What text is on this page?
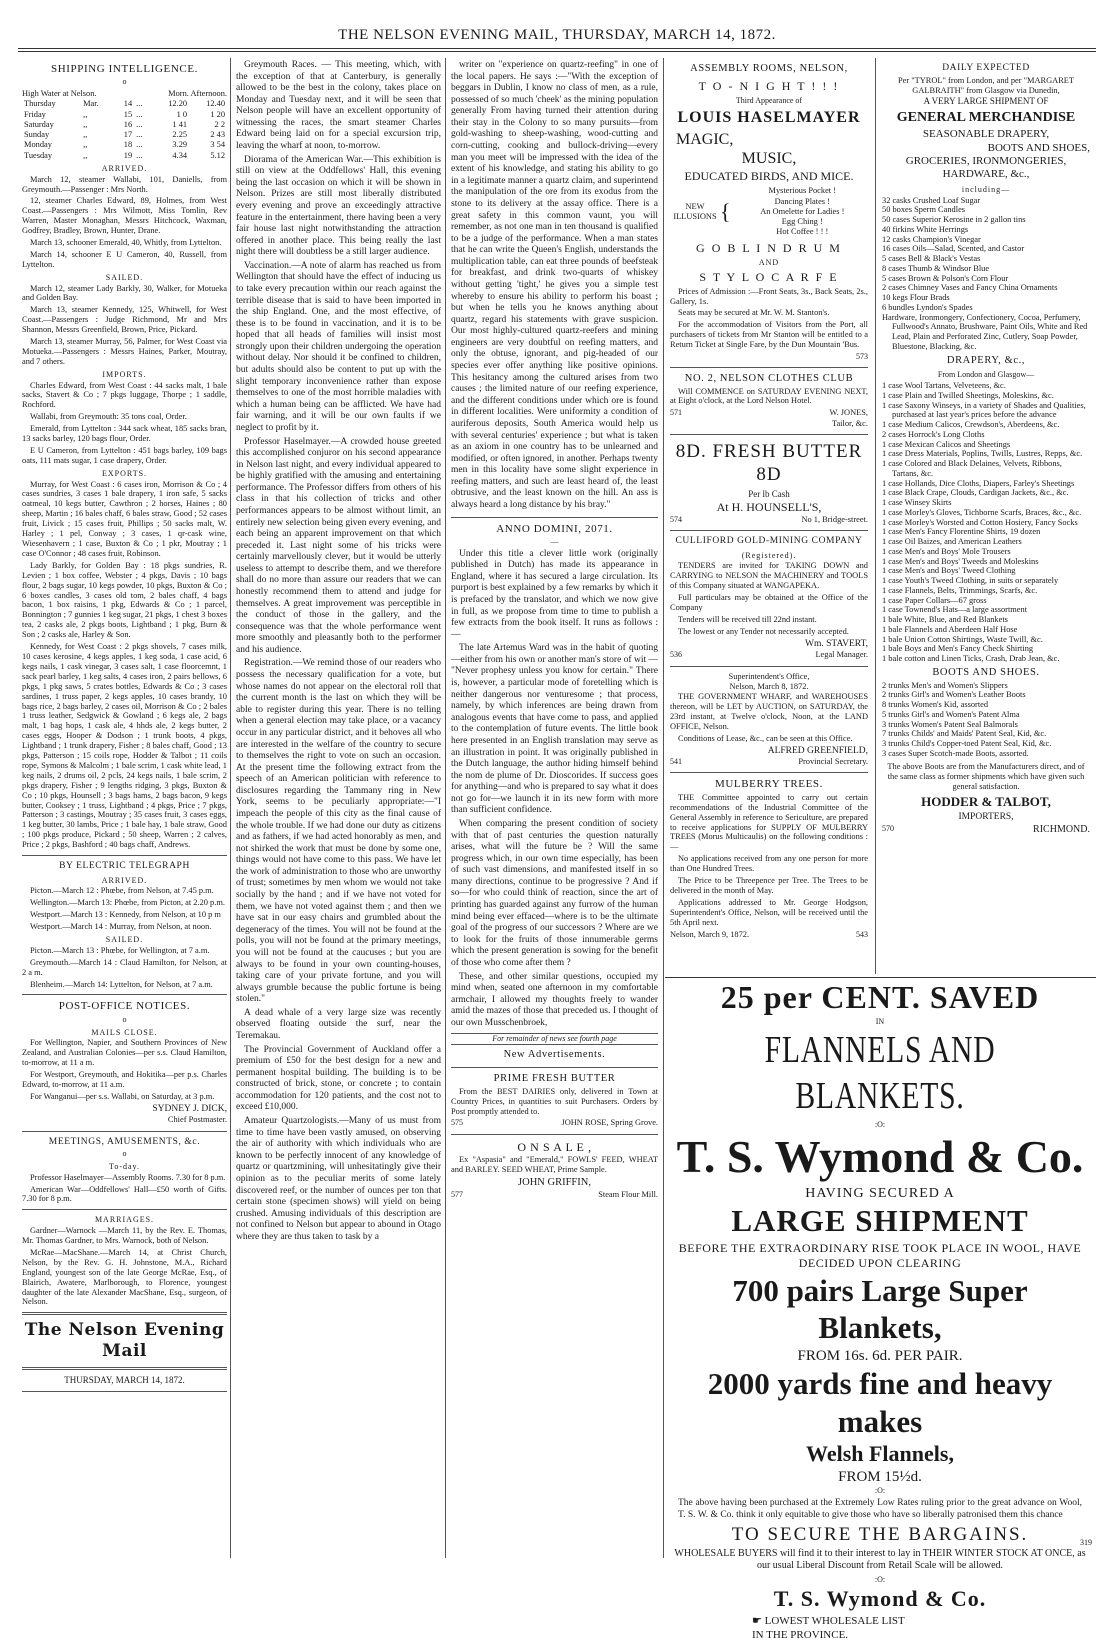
THE NELSON EVENING MAIL, THURSDAY, MARCH 14, 1872.
SHIPPING INTELLIGENCE.
o
High Water at Nelson.	Morn. Afternoon.
Thursday	Mar.	14	...	12.20	12.40
Friday	,,	15	...	1 0	1 20
Saturday	,,	16	...	1 41	2 2
Sunday	,,	17	...	2.25	2 43
Monday	,,	18	...	3.29	3 54
Tuesday	,,	19	...	4.34	5.12
ARRIVED.
March 12, steamer Wallabi, 101, Daniells, from Greymouth.—Passenger : Mrs North.
12, steamer Charles Edward, 89, Holmes, from West Coast.—Passengers : Mrs Wilmott, Miss Tomlin, Rev Warren, Master Monaghan, Messrs Hitchcock, Waxman, Godfrey, Bradley, Brown, Hunter, Drane.
March 13, schooner Emerald, 40, Whitly, from Lyttelton.
March 14, schooner E U Cameron, 40, Russell, from Lyttelton.
SAILED.
March 12, steamer Lady Barkly, 30, Walker, for Motueka and Golden Bay.
March 13, steamer Kennedy, 125, Whitwell, for West Coast.—Passengers : Judge Richmond, Mr and Mrs Shannon, Messrs Greenfield, Brown, Price, Pickard.
March 13, steamer Murray, 56, Palmer, for West Coast via Motueka.—Passengers : Messrs Haines, Parker, Moutray, and 7 others.
IMPORTS.
Charles Edward, from West Coast : 44 sacks malt, 1 bale sacks, Stavert & Co ; 7 pkgs luggage, Thorpe ; 1 saddle, Rochford.
Wallabi, from Greymouth: 35 tons coal, Order.
Emerald, from Lyttelton : 344 sack wheat, 185 sacks bran, 13 sacks barley, 120 bags flour, Order.
E U Cameron, from Lyttelton : 451 bags barley, 109 bags oats, 111 mats sugar, 1 case drapery, Order.
EXPORTS.
Murray, for West Coast : 6 cases iron, Morrison & Co ; 4 cases sundries, 3 cases 1 bale drapery, 1 iron safe, 5 sacks oatmeal, 10 kegs butter, Cawthron ; 2 horses, Haines ; 80 sheep, Martin ; 16 bales chaff, 6 bales straw, Good ; 52 cases fruit, Livick ; 15 cases fruit, Phillips ; 50 sacks malt, W. Harley ; 1 pel, Conway ; 3 cases, 1 qr-cask wine, Wiesenhavern ; 1 case, Buxton & Co ; 1 pkr, Moutray ; 1 case O'Connor ; 48 cases fruit, Robinson.
Lady Barkly, for Golden Bay : 18 pkgs sundries, R. Levien ; 1 box coffee, Webster ; 4 pkgs, Davis ; 10 bags flour, 2 bags sugar, 10 kegs powder, 10 pkgs, Buxton & Co ; 6 boxes candles, 3 cases old tom, 2 bales chaff, 4 bags bacon, 1 box raisins, 1 pkg, Edwards & Co ; 1 parcel, Bonnington ; 7 gunnies 1 keg sugar, 21 pkgs, 1 chest 3 boxes tea, 2 casks ale, 2 pkgs boots, Lightband ; 1 pkg, Burn & Son ; 2 casks ale, Harley & Son.
Kennedy, for West Coast : 2 pkgs shovels, 7 cases milk, 10 cases kerosine, 4 kegs apples, 1 keg soda, 1 case acid, 6 kegs nails, 1 cask vinegar, 3 cases salt, 1 case floorcemnt, 1 sack pearl barley, 1 keg salts, 4 cases iron, 2 pairs bellows, 6 pkgs, 1 pkg saws, 5 crates bottles, Edwards & Co ; 3 cases sardines, 1 truss paper, 2 kegs apples, 10 cases brandy, 10 bags rice, 2 bags barley, 2 cases oil, Morrison & Co ; 2 bales 1 truss leather, Sedgwick & Gowland ; 6 kegs ale, 2 bags malt, 1 bag hops, 1 cask ale, 4 hhds ale, 2 kegs butter, 2 cases eggs, Hooper & Dodson ; 1 trunk boots, 4 pkgs, Lightband ; 1 trunk drapery, Fisher ; 8 bales chaff, Good ; 13 pkgs, Patterson ; 15 coils rope, Hodder & Talbot ; 11 coils rope, Symons & Malcolm ; 1 bale scrim, 1 cask white lead, 1 keg nails, 2 drums oil, 2 pcls, 24 kegs nails, 1 bale scrim, 2 pkgs drapery, Fisher ; 9 lengths ridging, 3 pkgs, Buxton & Co ; 10 pkgs, Hounsell ; 3 bags hams, 2 bags bacon, 9 kegs butter, Cooksey ; 1 truss, Lightband ; 4 pkgs, Price ; 7 pkgs, Patterson ; 3 castings, Moutray ; 35 cases fruit, 3 cases eggs, 1 keg butter, 30 lambs, Price ; 1 bale hay, 1 bale straw, Good ; 100 pkgs produce, Pickard ; 50 sheep, Warren ; 2 calves, Price ; 2 pkgs, Bashford ; 40 bags chaff, Andrews.
BY ELECTRIC TELEGRAPH
ARRIVED.
Picton.—March 12 : Phœbe, from Nelson, at 7.45 p.m.
Wellington.—March 13: Phœbe, from Picton, at 2.20 p.m.
Westport.—March 13 : Kennedy, from Nelson, at 10 p m
Westport.—March 14 : Murray, from Nelson, at noon.
SAILED.
Picton.—March 13 : Phœbe, for Wellington, at 7 a.m.
Greymouth.—March 14 : Claud Hamilton, for Nelson, at 2 a m.
Blenheim.—March 14: Lyttelton, for Nelson, at 7 a.m.
POST-OFFICE NOTICES.
o
MAILS CLOSE.
For Wellington, Napier, and Southern Provinces of New Zealand, and Australian Colonies—per s.s. Claud Hamilton, to-morrow, at 11 a m.
For Westport, Greymouth, and Hokitika—per p.s. Charles Edward, to-morrow, at 11 a.m.
For Wanganui—per s.s. Wallabi, on Saturday, at 3 p.m.
SYDNEY J. DICK,
Chief Postmaster.
MEETINGS, AMUSEMENTS, &c.
o
To-day.
Professor Haselmayer—Assembly Rooms. 7.30 for 8 p.m.
American War—Oddfellows' Hall—£50 worth of Gifts. 7.30 for 8 p.m.
MARRIAGES.
Gardner—Warnock —March 11, by the Rev. E. Thomas, Mr. Thomas Gardner, to Mrs. Warnock, both of Nelson.
McRae—MacShane.—March 14, at Christ Church, Nelson, by the Rev. G. H. Johnstone, M.A., Richard England, youngest son of the late George McRae, Esq., of Blairich, Awatere, Marlborough, to Florence, youngest daughter of the late Alexander MacShane, Esq., surgeon, of Nelson.
The Nelson Evening Mail
THURSDAY, MARCH 14, 1872.
Greymouth Races. — This meeting, which, with the exception of that at Canterbury, is generally allowed to be the best in the colony, takes place on Monday and Tuesday next, and it will be seen that Nelson people will have an excellent opportunity of witnessing the races, the smart steamer Charles Edward being laid on for a special excursion trip, leaving the wharf at noon, to-morrow.
Diorama of the American War.—This exhibition is still on view at the Oddfellows' Hall, this evening being the last occasion on which it will be shown in Nelson. Prizes are still most liberally distributed every evening and prove an exceedingly attractive feature in the entertainment, there having been a very fair house last night notwithstanding the attraction offered in another place. This being really the last night there will doubtless be a still larger audience.
Vaccination.—A note of alarm has reached us from Wellington that should have the effect of inducing us to take every precaution within our reach against the terrible disease that is said to have been imported in the ship England. One, and the most effective, of these is to be found in vaccination, and it is to be hoped that all heads of families will insist most strongly upon their children undergoing the operation without delay. Nor should it be confined to children, but adults should also be content to put up with the slight temporary inconvenience rather than expose themselves to one of the most horrible maladies with which a human being can be afflicted. We have had fair warning, and it will be our own faults if we neglect to profit by it.
Professor Haselmayer.—A crowded house greeted this accomplished conjuror on his second appearance in Nelson last night, and every individual appeared to be highly gratified with the amusing and entertaining performance. The Professor differs from others of his class in that his collection of tricks and other performances appears to be almost without limit, an entirely new selection being given every evening, and each being an apparent improvement on that which preceded it. Last night some of his tricks were certainly marvellously clever, but it would be utterly useless to attempt to describe them, and we therefore shall do no more than assure our readers that we can honestly recommend them to attend and judge for themselves. A great improvement was perceptible in the conduct of those in the gallery, and the consequence was that the whole performance went more smoothly and pleasantly both to the performer and his audience.
Registration.—We remind those of our readers who possess the necessary qualification for a vote, but whose names do not appear on the electoral roll that the current month is the last on which they will be able to register during this year. There is no telling when a general election may take place, or a vacancy occur in any particular district, and it behoves all who are interested in the welfare of the country to secure to themselves the right to vote on such an occasion. At the present time the following extract from the speech of an American politician with reference to disclosures regarding the Tammany ring in New York, seems to be peculiarly appropriate:—"I impeach the people of this city as the final cause of the whole trouble. If we had done our duty as citizens and as fathers, if we had acted honorably as men, and not shirked the work that must be done by some one, things would not have come to this pass. We have let the work of administration to those who are unworthy of trust; sometimes by men whom we would not take socially by the hand ; and if we have not voted for them, we have not voted against them ; and then we have sat in our easy chairs and grumbled about the degeneracy of the times. You will not be found at the polls, you will not be found at the primary meetings, you will not be found at the caucuses ; but you are always to be found in your own counting-houses, taking care of your private fortune, and you will always grumble because the public fortune is being stolen."
A dead whale of a very large size was recently observed floating outside the surf, near the Teremakau.
The Provincial Government of Auckland offer a premium of £50 for the best design for a new and permanent hospital building. The building is to be constructed of brick, stone, or concrete ; to contain accommodation for 120 patients, and the cost not to exceed £10,000.
Amateur Quartzologists.—Many of us must from time to time have been vastly amused, on observing the air of authority with which individuals who are known to be perfectly innocent of any knowledge of quartz or quartzmining, will unhesitatingly give their opinion as to the peculiar merits of some lately discovered reef, or the number of ounces per ton that certain stone (specimen shows) will yield on being crushed. Amusing individuals of this description are not confined to Nelson but appear to abound in Otago where they are thus taken to task by a
writer on "experience on quartz-reefing" in one of the local papers. He says :—"With the exception of beggars in Dublin, I know no class of men, as a rule, possessed of so much 'cheek' as the mining population generally From having turned their attention during their stay in the Colony to so many pursuits—from gold-washing to sheep-washing, wood-cutting and corn-cutting, cooking and bullock-driving—every man you meet will be impressed with the idea of the extent of his knowledge, and stating his ability to go in a legitimate manner a quartz claim, and superintend the manipulation of the ore from its exodus from the stone to its delivery at the assay office. There is a great safety in this common vaunt, you will remember, as not one man in ten thousand is qualified to be a judge of the performance. When a man states that he can write the Queen's English, understands the multiplication table, can eat three pounds of beefsteak for breakfast, and drink two-quarts of whiskey without getting 'tight,' he gives you a simple test whereby to ensure his ability to perform his boast ; but when he tells you he knows anything about quartz, regard his statements with grave suspicion. Our most highly-cultured quartz-reefers and mining engineers are very doubtful on reefing matters, and only the obtuse, ignorant, and pig-headed of our species ever offer anything like positive opinions. This hesitancy among the cultured arises from two causes ; the limited nature of our reefing experience, and the different conditions under which ore is found in different localities. Were uniformity a condition of auriferous deposits, South America would help us with several centuries' experience ; but what is taken as an axiom in one country has to be unlearned and modified, or often ignored, in another. Perhaps twenty men in this locality have some slight experience in reefing matters, and such are least heard of, the least obtrusive, and the least known on the hill. An ass is always heard a long distance by his bray."
ANNO DOMINI, 2071.
—
Under this title a clever little work (originally published in Dutch) has made its appearance in England, where it has secured a large circulation. Its purport is best explained by a few remarks by which it is prefaced by the translator, and which we now give in full, as we propose from time to time to publish a few extracts from the book itself. It runs as follows :—
The late Artemus Ward was in the habit of quoting—either from his own or another man's store of wit — "Never prophesy unless you know for certain." There is, however, a particular mode of foretelling which is neither dangerous nor venturesome ; that process, namely, by which inferences are being drawn from analogous events that have come to pass, and applied to the contemplation of future events. The little book here presented in an English translation may serve as an illustration in point. It was originally published in the Dutch language, the author hiding himself behind the nom de plume of Dr. Dioscorides. If success goes for anything—and who is prepared to say what it does not go for—we launch it in its new form with more than sufficient confidence.
When comparing the present condition of society with that of past centuries the question naturally arises, what will the future be ? Will the same progress which, in our own time especially, has been of such vast dimensions, and manifested itself in so many directions, continue to be progressive ? And if so—for who could think of reaction, since the art of printing has guarded against any furrow of the human mind being ever effaced—where is to be the ultimate goal of the progress of our successors ? Where are we to look for the fruits of those innumerable germs which the present generation is sowing for the benefit of those who come after them ?
These, and other similar questions, occupied my mind when, seated one afternoon in my comfortable armchair, I allowed my thoughts freely to wander amid the mazes of those that preceded us. I thought of our own Musschenbroek,
For remainder of news see fourth page
New Advertisements.
PRIME FRESH BUTTER
From the BEST DAIRIES only, delivered in Town at Country Prices, in quantities to suit Purchasers. Orders by Post promptly attended to.
575	JOHN ROSE, Spring Grove.
O N S A L E ,
Ex "Aspasia" and "Emerald," FOWLS' FEED, WHEAT and BARLEY. SEED WHEAT, Prime Sample.
JOHN GRIFFIN,
577	Steam Flour Mill.
ASSEMBLY ROOMS, NELSON,
T O - N I G H T ! ! !
Third Appearance of
LOUIS HASELMAYER
MAGIC,
MUSIC,
EDUCATED BIRDS, AND MICE.
NEW ILLUSIONS {
Mysterious Pocket !
Dancing Plates !
An Omelette for Ladies !
Egg Ching !
Hot Coffee ! ! !
G O B L I N D R U M
AND
S T Y L O C A R F E
Prices of Admission :—Front Seats, 3s., Back Seats, 2s., Gallery, 1s.
Seats may be secured at Mr. W. M. Stanton's.
For the accommodation of Visitors from the Port, all purchasers of tickets from Mr Stanton will be entitled to a Return Ticket at Single Fare, by the Dun Mountain 'Bus.
573
NO. 2, NELSON CLOTHES CLUB
Will COMMENCE on SATURDAY EVENING NEXT, at Eight o'clock, at the Lord Nelson Hotel.
571	W. JONES,
Tailor, &c.
8D. FRESH BUTTER 8D
Per lb Cash
At H. HOUNSELL'S,
574	No 1, Bridge-street.
CULLIFORD GOLD-MINING COMPANY
(Registered).
TENDERS are invited for TAKING DOWN and CARRYING to NELSON the MACHINERY and TOOLS of this Company situated at WANGAPEKA.
Full particulars may be obtained at the Office of the Company
Tenders will be received till 22nd instant.
The lowest or any Tender not necessarily accepted.
Wm. STAVERT,
536	Legal Manager.
Superintendent's Office,
Nelson, March 8, 1872.
THE GOVERNMENT WHARF, and WAREHOUSES thereon, will be LET by AUCTION, on SATURDAY, the 23rd instant, at Twelve o'clock, Noon, at the LAND OFFICE, Nelson.
Conditions of Lease, &c., can be seen at this Office.
ALFRED GREENFIELD,
541	Provincial Secretary.
MULBERRY TREES.
THE Committee appointed to carry out certain recommendations of the Industrial Committee of the General Assembly in reference to Sericulture, are prepared to receive applications for SUPPLY OF MULBERRY TREES (Morus Multicaulis) on the following conditions :—
No applications received from any one person for more than One Hundred Trees.
The Price to be Threepence per Tree. The Trees to be delivered in the month of May.
Applications addressed to Mr. George Hodgson, Superintendent's Office, Nelson, will be received until the 5th April next.
Nelson, March 9, 1872.	543
DAILY EXPECTED
Per "TYROL" from London, and per "MARGARET GALBRAITH" from Glasgow via Dunedin,
A VERY LARGE SHIPMENT OF
GENERAL MERCHANDISE
SEASONABLE DRAPERY,
BOOTS AND SHOES,
GROCERIES, IRONMONGERIES,
HARDWARE, &c.,
including—
32 casks Crushed Loaf Sugar
50 boxes Sperm Candles
50 cases Superior Kerosine in 2 gallon tins
40 firkins White Herrings
12 casks Champion's Vinegar
16 cases Oils—Salad, Scented, and Castor
5 cases Bell & Black's Vestas
8 cases Thumb & Windsor Blue
5 cases Brown & Polson's Corn Flour
2 cases Chimney Vases and Fancy China Ornaments
10 kegs Flour Brads
6 bundles Lyndon's Spades
Hardware, Ironmongery, Confectionery, Cocoa, Perfumery, Fullwood's Annato, Brushware, Paint Oils, White and Red Lead, Plain and Perforated Zinc, Cutlery, Soap Powder, Bluestone, Blacking, &c.
DRAPERY, &c.,
From London and Glasgow—
1 case Wool Tartans, Velveteens, &c.
1 case Plain and Twilled Sheetings, Moleskins, &c.
1 case Saxony Winseys, in a variety of Shades and Qualities, purchased at last year's prices before the advance
1 case Medium Calicos, Crewdson's, Aberdeens, &c.
2 cases Horrock's Long Cloths
1 case Mexican Calicos and Sheetings
1 case Dress Materials, Poplins, Twills, Lustres, Repps, &c.
1 case Colored and Black Delaines, Velvets, Ribbons, Tartans, &c.
1 case Hollands, Dice Cloths, Diapers, Farley's Sheetings
1 case Black Crape, Clouds, Cardigan Jackets, &c., &c.
1 case Winsey Skirts
1 case Morley's Gloves, Tichborne Scarfs, Braces, &c., &c.
1 case Morley's Worsted and Cotton Hosiery, Fancy Socks
1 case Men's Fancy Florentine Shirts, 19 dozen
1 case Oil Baizes, and American Leathers
1 case Men's and Boys' Mole Trousers
1 case Men's and Boys' Tweeds and Moleskins
1 case Men's and Boys' Tweed Clothing
1 case Youth's Tweed Clothing, in suits or separately
1 case Flannels, Belts, Trimmings, Scarfs, &c.
1 case Paper Collars—67 gross
1 case Townend's Hats—a large assortment
1 bale White, Blue, and Red Blankets
1 bale Flannels and Aberdeen Half Hose
1 bale Union Cotton Shirtings, Waste Twill, &c.
1 bale Boys and Men's Fancy Check Shirting
1 bale cotton and Linen Ticks, Crash, Drab Jean, &c.
BOOTS AND SHOES.
2 trunks Men's and Women's Slippers
2 trunks Girl's and Women's Leather Boots
8 trunks Women's Kid, assorted
5 trunks Girl's and Women's Patent Alma
3 trunks Women's Patent Seal Balmorals
7 trunks Childs' and Maids' Patent Seal, Kid, &c.
3 trunks Child's Copper-toed Patent Seal, Kid, &c.
3 cases Super Scotch-made Boots, assorted.
The above Boots are from the Manufacturers direct, and of the same class as former shipments which have given such general satisfaction.
HODDER & TALBOT,
IMPORTERS,
570	RICHMOND.
25 per CENT. SAVED
IN
FLANNELS AND BLANKETS.
:O:
T. S. Wymond & Co.
HAVING SECURED A
LARGE SHIPMENT
BEFORE THE EXTRAORDINARY RISE TOOK PLACE IN WOOL, HAVE DECIDED UPON CLEARING
700 pairs Large Super Blankets,
FROM 16s. 6d. PER PAIR.
2000 yards fine and heavy makes
Welsh Flannels,
FROM 15½d.
:O:
The above having been purchased at the Extremely Low Rates ruling prior to the great advance on Wool, T. S. W. & Co. think it only equitable to give those who have so liberally patronised them this chance
TO SECURE THE BARGAINS.
WHOLESALE BUYERS will find it to their interest to lay in THEIR WINTER STOCK AT ONCE, as our usual Liberal Discount from Retail Scale will be allowed.
:O:
T. S. Wymond & Co.
☛ LOWEST WHOLESALE LIST
IN THE PROVINCE.
319
